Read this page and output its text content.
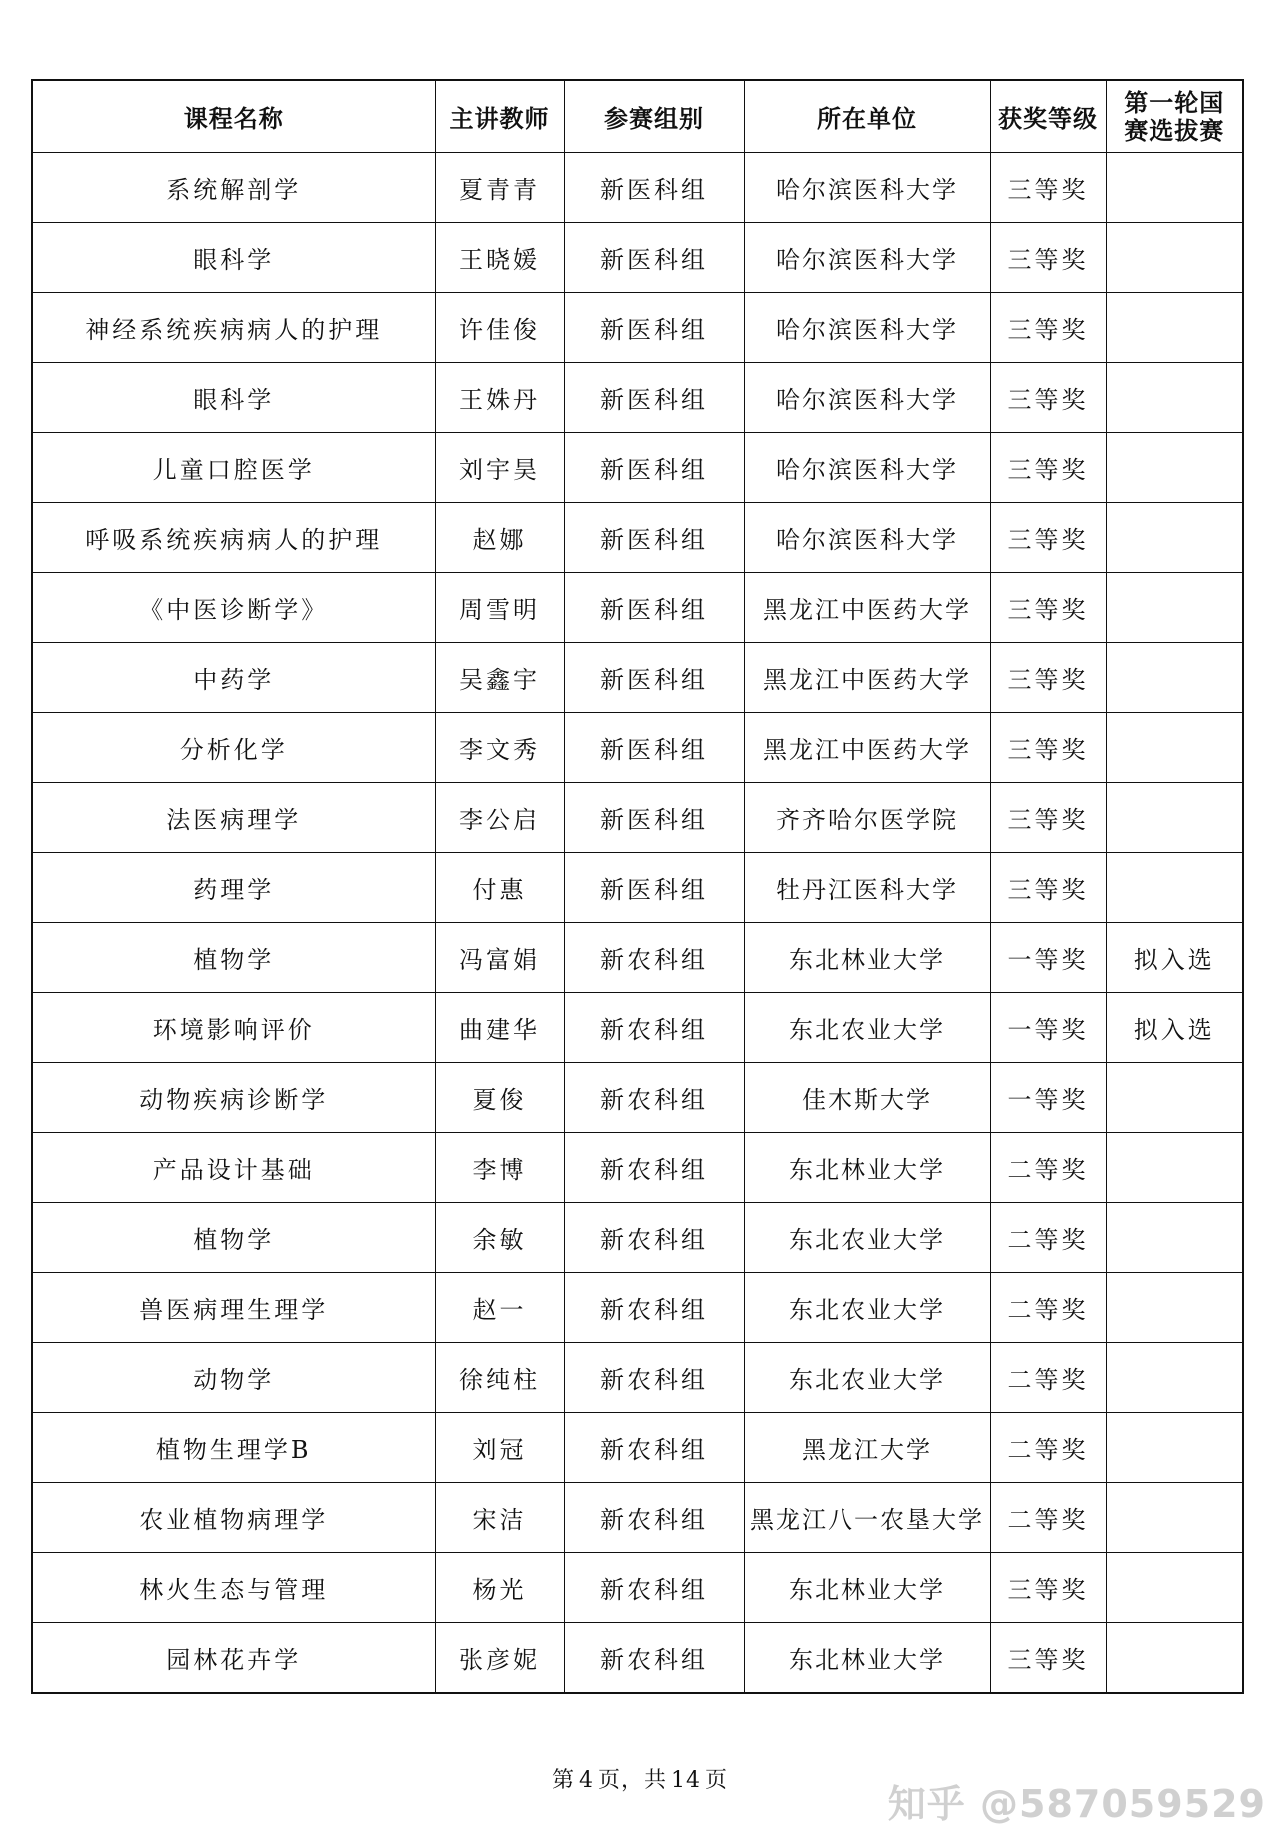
课程名称	主讲教师	参赛组别	所在单位	获奖等级	第一轮国赛选拔赛
系统解剖学	夏青青	新医科组	哈尔滨医科大学	三等奖	
眼科学	王晓媛	新医科组	哈尔滨医科大学	三等奖	
神经系统疾病病人的护理	许佳俊	新医科组	哈尔滨医科大学	三等奖	
眼科学	王姝丹	新医科组	哈尔滨医科大学	三等奖	
儿童口腔医学	刘宇昊	新医科组	哈尔滨医科大学	三等奖	
呼吸系统疾病病人的护理	赵娜	新医科组	哈尔滨医科大学	三等奖	
《中医诊断学》	周雪明	新医科组	黑龙江中医药大学	三等奖	
中药学	吴鑫宇	新医科组	黑龙江中医药大学	三等奖	
分析化学	李文秀	新医科组	黑龙江中医药大学	三等奖	
法医病理学	李公启	新医科组	齐齐哈尔医学院	三等奖	
药理学	付惠	新医科组	牡丹江医科大学	三等奖	
植物学	冯富娟	新农科组	东北林业大学	一等奖	拟入选
环境影响评价	曲建华	新农科组	东北农业大学	一等奖	拟入选
动物疾病诊断学	夏俊	新农科组	佳木斯大学	一等奖	
产品设计基础	李博	新农科组	东北林业大学	二等奖	
植物学	余敏	新农科组	东北农业大学	二等奖	
兽医病理生理学	赵一	新农科组	东北农业大学	二等奖	
动物学	徐纯柱	新农科组	东北农业大学	二等奖	
植物生理学B	刘冠	新农科组	黑龙江大学	二等奖	
农业植物病理学	宋洁	新农科组	黑龙江八一农垦大学	二等奖	
林火生态与管理	杨光	新农科组	东北林业大学	三等奖	
园林花卉学	张彦妮	新农科组	东北林业大学	三等奖	
第 4 页，共 14 页
知乎 @587059529
